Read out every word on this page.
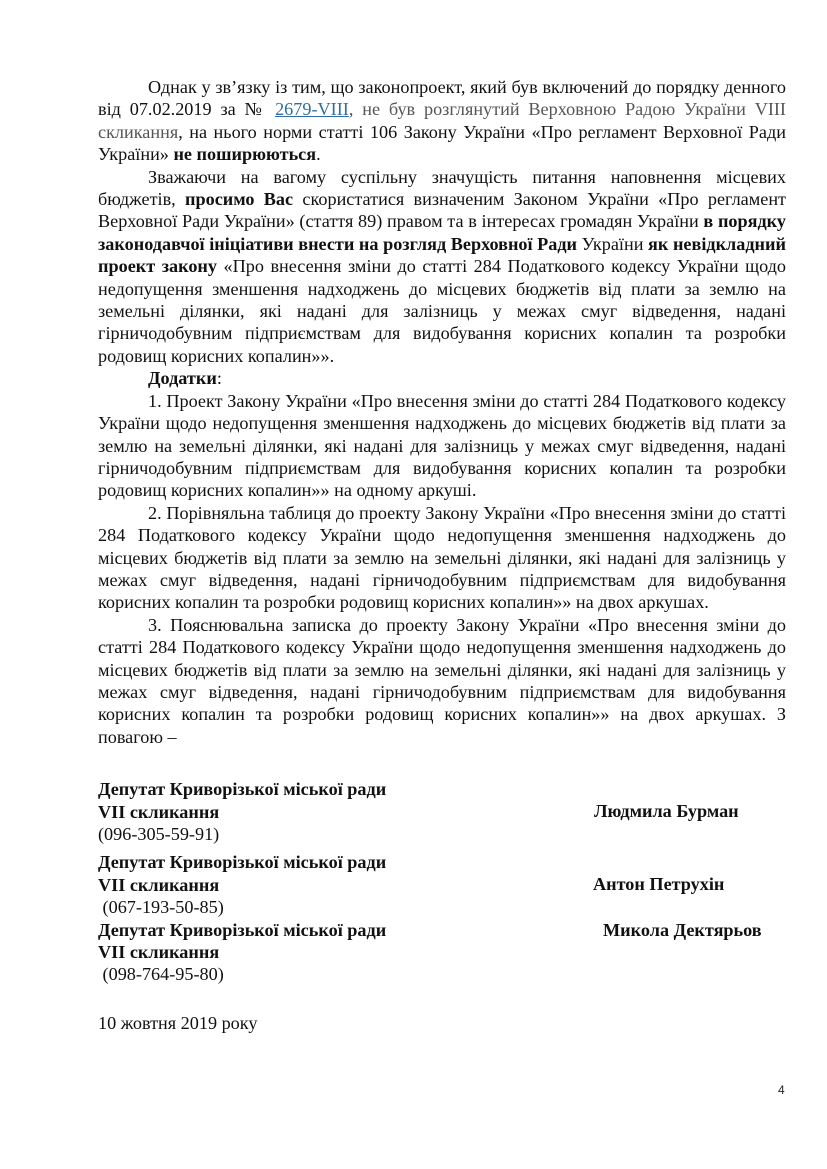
Однак у зв’язку із тим, що законопроект, який був включений до порядку денного від 07.02.2019 за № 2679-VIII, не був розглянутий Верховною Радою України VIII скликання, на нього норми статті 106 Закону України «Про регламент Верховної Ради України» не поширюються.

Зважаючи на вагому суспільну значущість питання наповнення місцевих бюджетів, просимо Вас скористатися визначеним Законом України «Про регламент Верховної Ради України» (стаття 89) правом та в інтересах громадян України в порядку законодавчої ініціативи внести на розгляд Верховної Ради України як невідкладний проект закону «Про внесення зміни до статті 284 Податкового кодексу України щодо недопущення зменшення надходжень до місцевих бюджетів від плати за землю на земельні ділянки, які надані для залізниць у межах смуг відведення, надані гірничодобувним підприємствам для видобування корисних копалин та розробки родовищ корисних копалин»».

Додатки:

1. Проект Закону України «Про внесення зміни до статті 284 Податкового кодексу України щодо недопущення зменшення надходжень до місцевих бюджетів від плати за землю на земельні ділянки, які надані для залізниць у межах смуг відведення, надані гірничодобувним підприємствам для видобування корисних копалин та розробки родовищ корисних копалин»» на одному аркуші.

2. Порівняльна таблиця до проекту Закону України «Про внесення зміни до статті 284 Податкового кодексу України щодо недопущення зменшення надходжень до місцевих бюджетів від плати за землю на земельні ділянки, які надані для залізниць у межах смуг відведення, надані гірничодобувним підприємствам для видобування корисних копалин та розробки родовищ корисних копалин»» на двох аркушах.

3. Пояснювальна записка до проекту Закону України «Про внесення зміни до статті 284 Податкового кодексу України щодо недопущення зменшення надходжень до місцевих бюджетів від плати за землю на земельні ділянки, які надані для залізниць у межах смуг відведення, надані гірничодобувним підприємствам для видобування корисних копалин та розробки родовищ корисних копалин»» на двох аркушах. З повагою –

Депутат Криворізької міської ради
VII скликання
(096-305-59-91)
Людмила Бурман
Депутат Криворізької міської ради
VII скликання
(067-193-50-85)
Антон Петрухін
Депутат Криворізької міської ради
VII скликання
(098-764-95-80)
Микола Дектярьов
10 жовтня 2019 року
4
